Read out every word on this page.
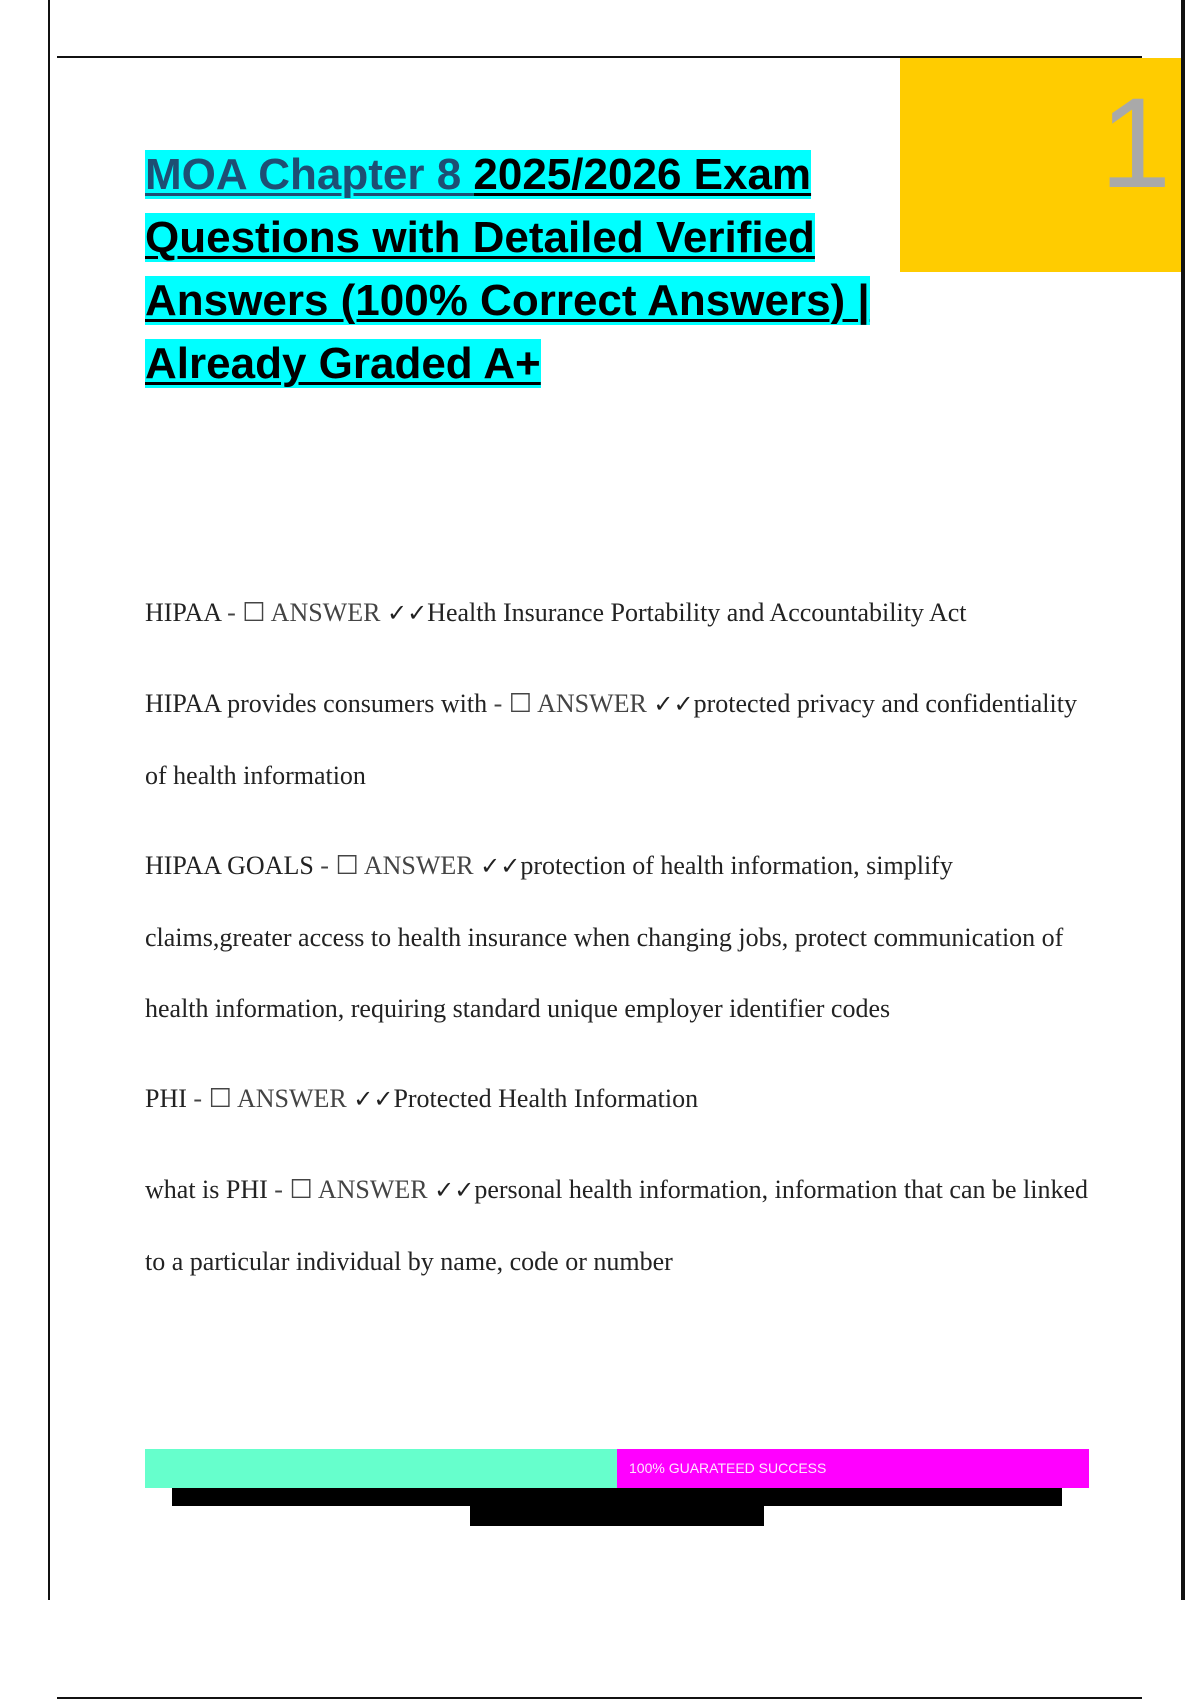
1
MOA Chapter 8 2025/2026 Exam Questions with Detailed Verified Answers (100% Correct Answers) | Already Graded A+

HIPAA - ☐ ANSWER ✓✓Health Insurance Portability and Accountability Act

HIPAA provides consumers with - ☐ ANSWER ✓✓protected privacy and confidentiality of health information

HIPAA GOALS - ☐ ANSWER ✓✓protection of health information, simplify claims,greater access to health insurance when changing jobs, protect communication of health information, requiring standard unique employer identifier codes

PHI - ☐ ANSWER ✓✓Protected Health Information

what is PHI - ☐ ANSWER ✓✓personal health information, information that can be linked to a particular individual by name, code or number

100% GUARATEED SUCCESS
